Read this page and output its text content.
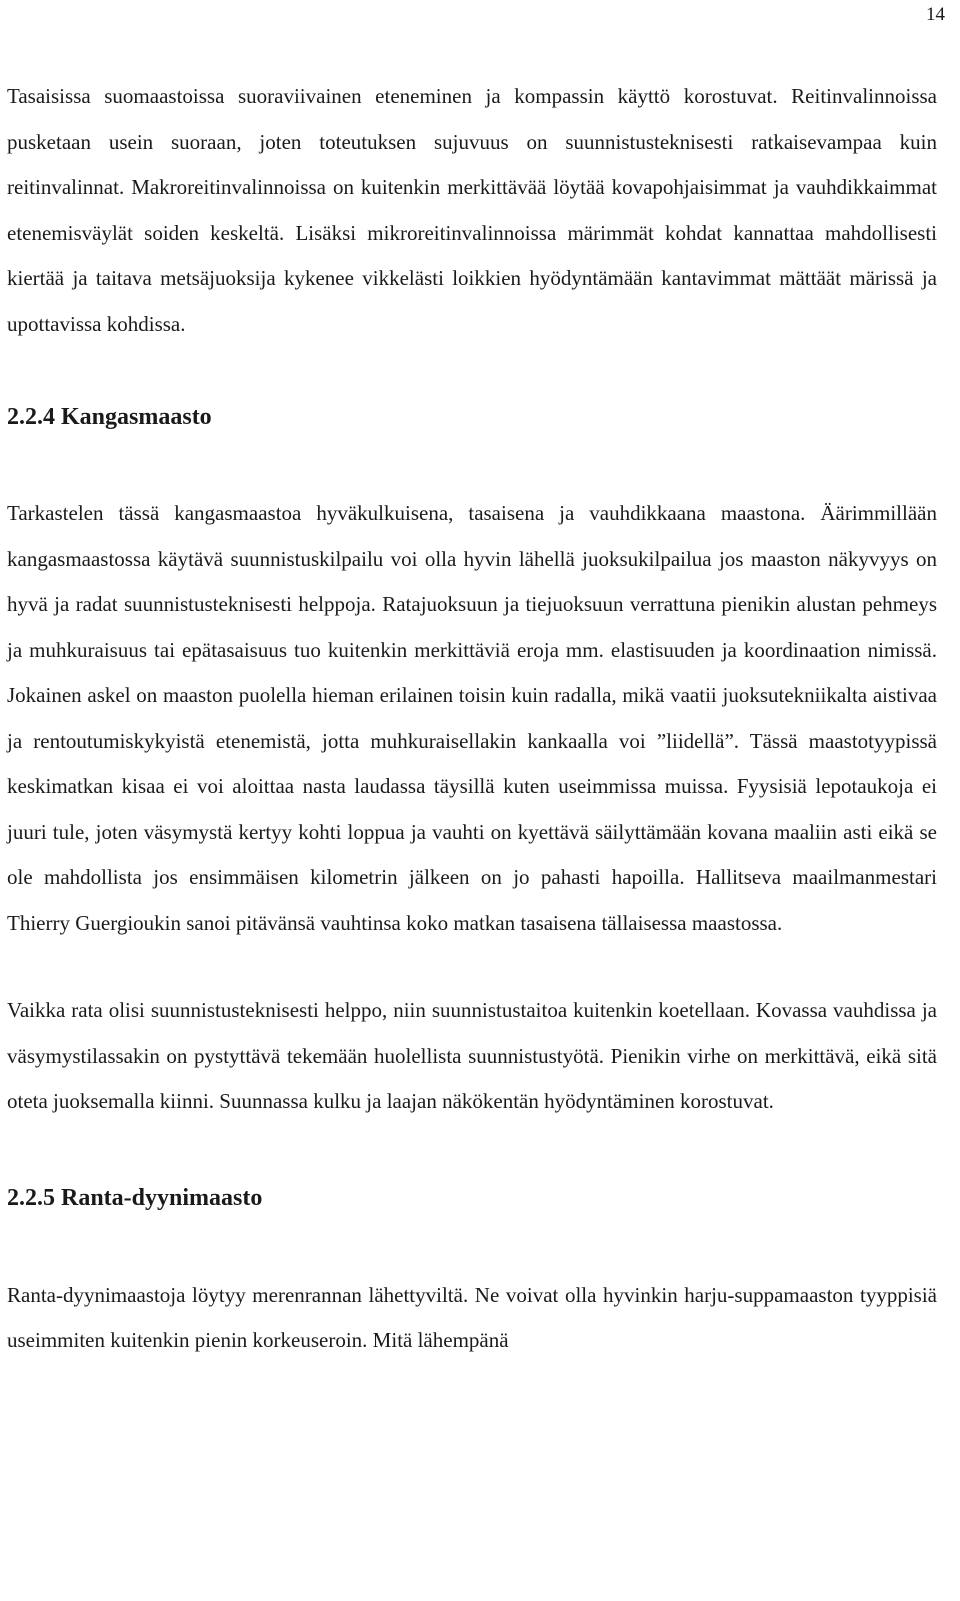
14

Tasaisissa suomaastoissa suoraviivainen eteneminen ja kompassin käyttö korostuvat. Reitinvalinnoissa pusketaan usein suoraan, joten toteutuksen sujuvuus on suunnistusteknisesti ratkaisevampaa kuin reitinvalinnat. Makroreitinvalinnoissa on kuitenkin merkittävää löytää kovapohjaisimmat ja vauhdikkaimmat etenemisväylät soiden keskeltä. Lisäksi mikroreitinvalinnoissa märimmät kohdat kannattaa mahdollisesti kiertää ja taitava metsäjuoksija kykenee vikkelästi loikkien hyödyntämään kantavimmat mättäät märissä ja upottavissa kohdissa.

2.2.4 Kangasmaasto

Tarkastelen tässä kangasmaastoa hyväkulkuisena, tasaisena ja vauhdikkaana maastona. Äärimmillään kangasmaastossa käytävä suunnistuskilpailu voi olla hyvin lähellä juoksukilpailua jos maaston näkyvyys on hyvä ja radat suunnistusteknisesti helppoja. Ratajuoksuun ja tiejuoksuun verrattuna pienikin alustan pehmeys ja muhkuraisuus tai epätasaisuus tuo kuitenkin merkittäviä eroja mm. elastisuuden ja koordinaation nimissä. Jokainen askel on maaston puolella hieman erilainen toisin kuin radalla, mikä vaatii juoksutekniikalta aistivaa ja rentoutumiskykyistä etenemistä, jotta muhkuraisellakin kankaalla voi ”liidellä”. Tässä maastotyypissä keskimatkan kisaa ei voi aloittaa nasta laudassa täysillä kuten useimmissa muissa. Fyysisiä lepotaukoja ei juuri tule, joten väsymystä kertyy kohti loppua ja vauhti on kyettävä säilyttämään kovana maaliin asti eikä se ole mahdollista jos ensimmäisen kilometrin jälkeen on jo pahasti hapoilla. Hallitseva maailmanmestari Thierry Guergioukin sanoi pitävänsä vauhtinsa koko matkan tasaisena tällaisessa maastossa.

Vaikka rata olisi suunnistusteknisesti helppo, niin suunnistustaitoa kuitenkin koetellaan. Kovassa vauhdissa ja väsymystilassakin on pystyttävä tekemään huolellista suunnistustyötä. Pienikin virhe on merkittävä, eikä sitä oteta juoksemalla kiinni. Suunnassa kulku ja laajan näkökentän hyödyntäminen korostuvat.

2.2.5 Ranta-dyynimaasto

Ranta-dyynimaastoja löytyy merenrannan lähettyviltä. Ne voivat olla hyvinkin harju-suppamaaston tyyppisiä useimmiten kuitenkin pienin korkeuseroin. Mitä lähempänä
